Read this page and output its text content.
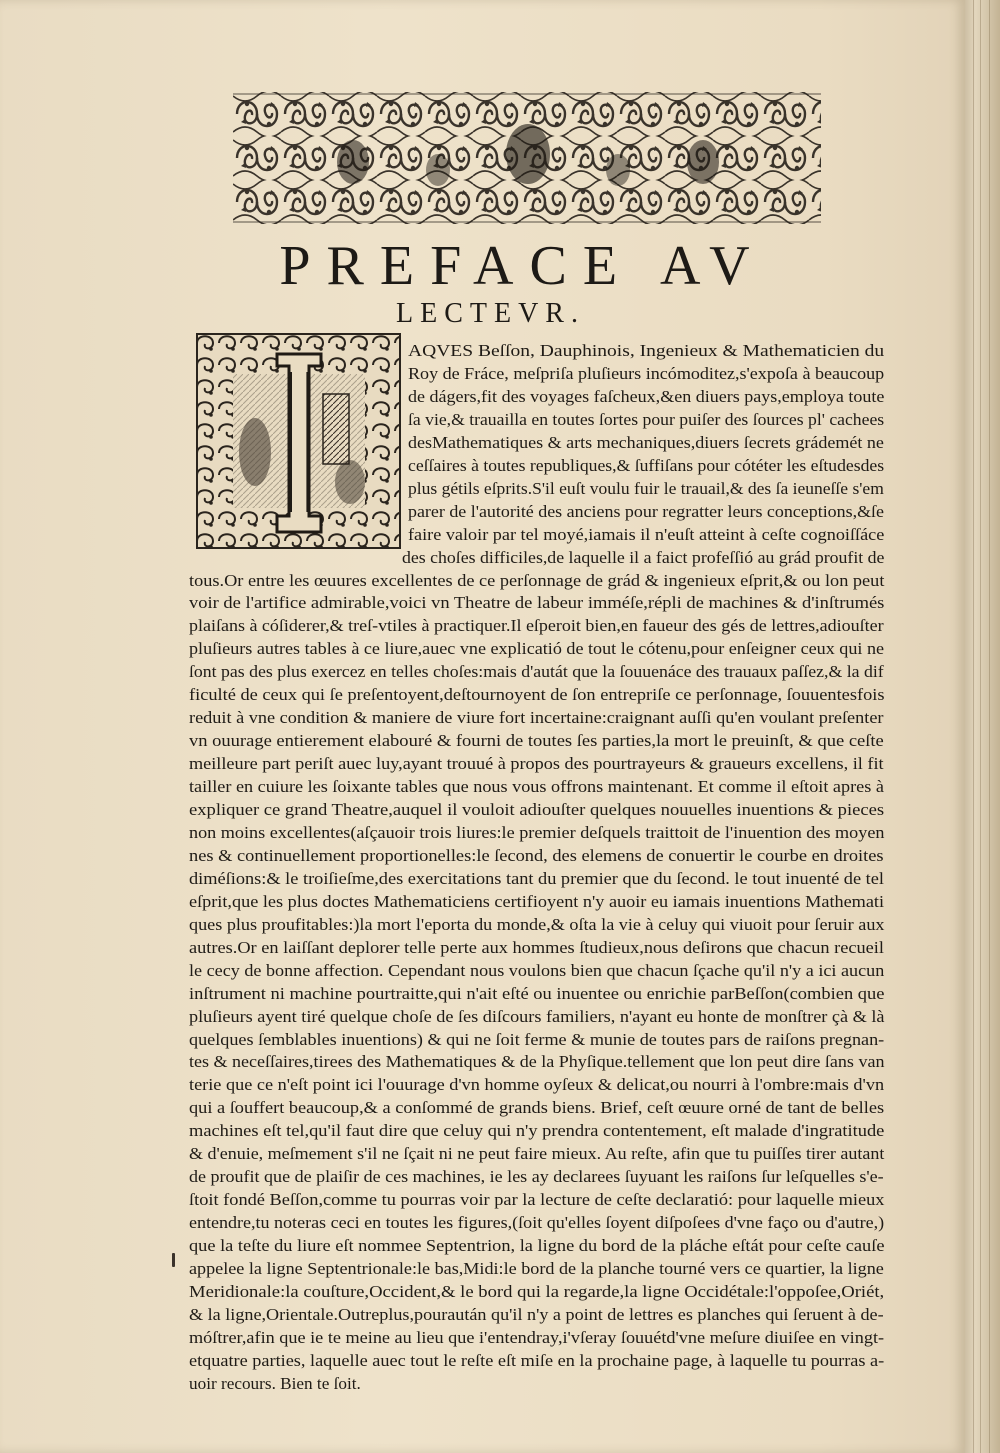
PREFACE AV
LECTEVR.

AQVES Beſſon, Dauphinois, Ingenieux & Mathematicien du

Roy de Fráce, meſpriſa pluſieurs incómoditez,s'expoſa à beaucoup

de dágers,fit des voyages faſcheux,&en diuers pays,employa toute

ſa vie,& trauailla en toutes ſortes pour puiſer des ſources pl' cachees

desMathematiques & arts mechaniques,diuers ſecrets grádemét ne

ceſſaires à toutes republiques,& ſuffiſans pour cótéter les eſtudesdes

plus gétils eſprits.S'il euſt voulu fuir le trauail,& des ſa ieuneſſe s'em

parer de l'autorité des anciens pour regratter leurs conceptions,&ſe

faire valoir par tel moyé,iamais il n'euſt atteint à ceſte cognoiſſáce

des choſes difficiles,de laquelle il a faict profeſſió au grád proufit de

tous.Or entre les œuures excellentes de ce perſonnage de grád & ingenieux eſprit,& ou lon peut

voir de l'artifice admirable,voici vn Theatre de labeur imméſe,répli de machines & d'inſtrumés

plaiſans à cóſiderer,& treſ-vtiles à practiquer.Il eſperoit bien,en faueur des gés de lettres,adiouſter

pluſieurs autres tables à ce liure,auec vne explicatió de tout le cótenu,pour enſeigner ceux qui ne

ſont pas des plus exercez en telles choſes:mais d'autát que la ſouuenáce des trauaux paſſez,& la dif

ficulté de ceux qui ſe preſentoyent,deſtournoyent de ſon entrepriſe ce perſonnage, ſouuentesfois

reduit à vne condition & maniere de viure fort incertaine:craignant auſſi qu'en voulant preſenter

vn ouurage entierement elabouré & fourni de toutes ſes parties,la mort le preuinſt, & que ceſte

meilleure part periſt auec luy,ayant trouué à propos des pourtrayeurs & graueurs excellens, il fit

tailler en cuiure les ſoixante tables que nous vous offrons maintenant. Et comme il eſtoit apres à

expliquer ce grand Theatre,auquel il vouloit adiouſter quelques nouuelles inuentions & pieces

non moins excellentes(aſçauoir trois liures:le premier deſquels traittoit de l'inuention des moyen

nes & continuellement proportionelles:le ſecond, des elemens de conuertir le courbe en droites

diméſions:& le troiſieſme,des exercitations tant du premier que du ſecond. le tout inuenté de tel

eſprit,que les plus doctes Mathematiciens certifioyent n'y auoir eu iamais inuentions Mathemati

ques plus proufitables:)la mort l'eporta du monde,& oſta la vie à celuy qui viuoit pour ſeruir aux

autres.Or en laiſſant deplorer telle perte aux hommes ſtudieux,nous deſirons que chacun recueil

le cecy de bonne affection. Cependant nous voulons bien que chacun ſçache qu'il n'y a ici aucun

inſtrument ni machine pourtraitte,qui n'ait eſté ou inuentee ou enrichie parBeſſon(combien que

pluſieurs ayent tiré quelque choſe de ſes diſcours familiers, n'ayant eu honte de monſtrer çà & là

quelques ſemblables inuentions) & qui ne ſoit ferme & munie de toutes pars de raiſons pregnan-

tes & neceſſaires,tirees des Mathematiques & de la Phyſique.tellement que lon peut dire ſans van

terie que ce n'eſt point ici l'ouurage d'vn homme oyſeux & delicat,ou nourri à l'ombre:mais d'vn

qui a ſouffert beaucoup,& a conſommé de grands biens. Brief, ceſt œuure orné de tant de belles

machines eſt tel,qu'il faut dire que celuy qui n'y prendra contentement, eſt malade d'ingratitude

& d'enuie, meſmement s'il ne ſçait ni ne peut faire mieux. Au reſte, afin que tu puiſſes tirer autant

de proufit que de plaiſir de ces machines, ie les ay declarees ſuyuant les raiſons ſur leſquelles s'e-

ſtoit fondé Beſſon,comme tu pourras voir par la lecture de ceſte declaratió: pour laquelle mieux

entendre,tu noteras ceci en toutes les figures,(ſoit qu'elles ſoyent diſpoſees d'vne faço ou d'autre,)

que la teſte du liure eſt nommee Septentrion, la ligne du bord de la pláche eſtát pour ceſte cauſe

appelee la ligne Septentrionale:le bas,Midi:le bord de la planche tourné vers ce quartier, la ligne

Meridionale:la couſture,Occident,& le bord qui la regarde,la ligne Occidétale:l'oppoſee,Oriét,

& la ligne,Orientale.Outreplus,pouraután qu'il n'y a point de lettres es planches qui ſeruent à de-

móſtrer,afin que ie te meine au lieu que i'entendray,i'vſeray ſouuétd'vne meſure diuiſee en vingt-

etquatre parties, laquelle auec tout le reſte eſt miſe en la prochaine page, à laquelle tu pourras a-

uoir recours. Bien te ſoit.
